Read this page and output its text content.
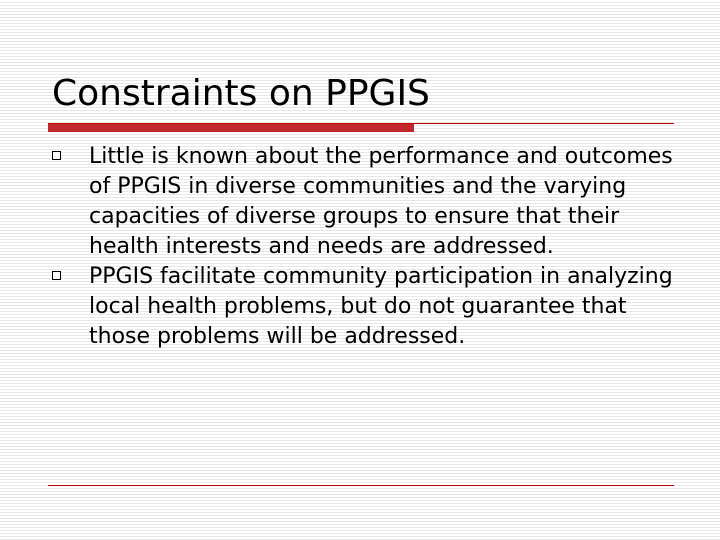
Constraints on PPGIS
Little is known about the performance and outcomes of PPGIS in diverse communities and the varying capacities of diverse groups to ensure that their health interests and needs are addressed.
PPGIS facilitate community participation in analyzing local health problems, but do not guarantee that those problems will be addressed.
